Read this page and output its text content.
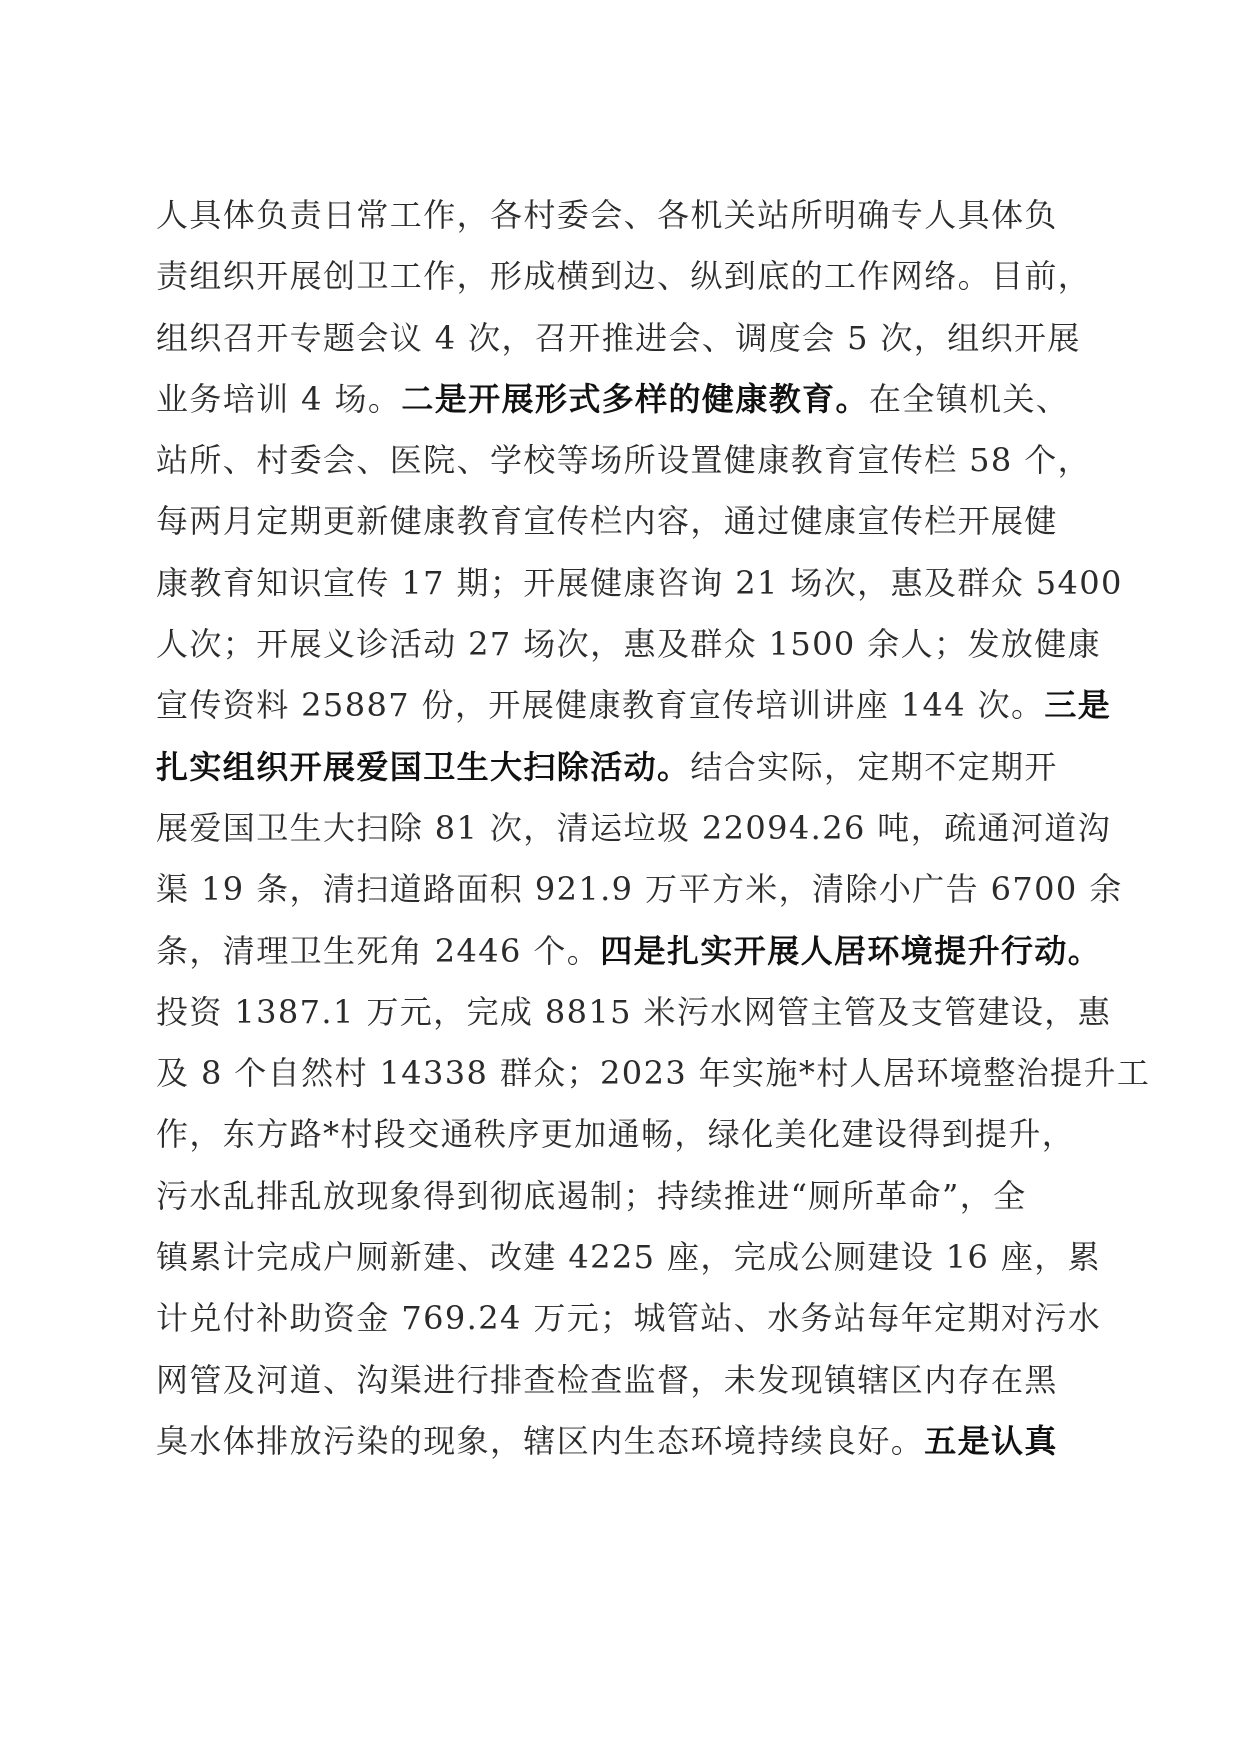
人具体负责日常工作，各村委会、各机关站所明确专人具体负
责组织开展创卫工作，形成横到边、纵到底的工作网络。目前，
组织召开专题会议 4 次，召开推进会、调度会 5 次，组织开展
业务培训 4 场。二是开展形式多样的健康教育。在全镇机关、
站所、村委会、医院、学校等场所设置健康教育宣传栏 58 个，
每两月定期更新健康教育宣传栏内容，通过健康宣传栏开展健
康教育知识宣传 17 期；开展健康咨询 21 场次，惠及群众 5400
人次；开展义诊活动 27 场次，惠及群众 1500 余人；发放健康
宣传资料 25887 份，开展健康教育宣传培训讲座 144 次。三是
扎实组织开展爱国卫生大扫除活动。结合实际，定期不定期开
展爱国卫生大扫除 81 次，清运垃圾 22094.26 吨，疏通河道沟
渠 19 条，清扫道路面积 921.9 万平方米，清除小广告 6700 余
条，清理卫生死角 2446 个。四是扎实开展人居环境提升行动。
投资 1387.1 万元，完成 8815 米污水网管主管及支管建设，惠
及 8 个自然村 14338 群众；2023 年实施*村人居环境整治提升工
作，东方路*村段交通秩序更加通畅，绿化美化建设得到提升，
污水乱排乱放现象得到彻底遏制；持续推进“厕所革命”，全
镇累计完成户厕新建、改建 4225 座，完成公厕建设 16 座，累
计兑付补助资金 769.24 万元；城管站、水务站每年定期对污水
网管及河道、沟渠进行排查检查监督，未发现镇辖区内存在黑
臭水体排放污染的现象，辖区内生态环境持续良好。五是认真
